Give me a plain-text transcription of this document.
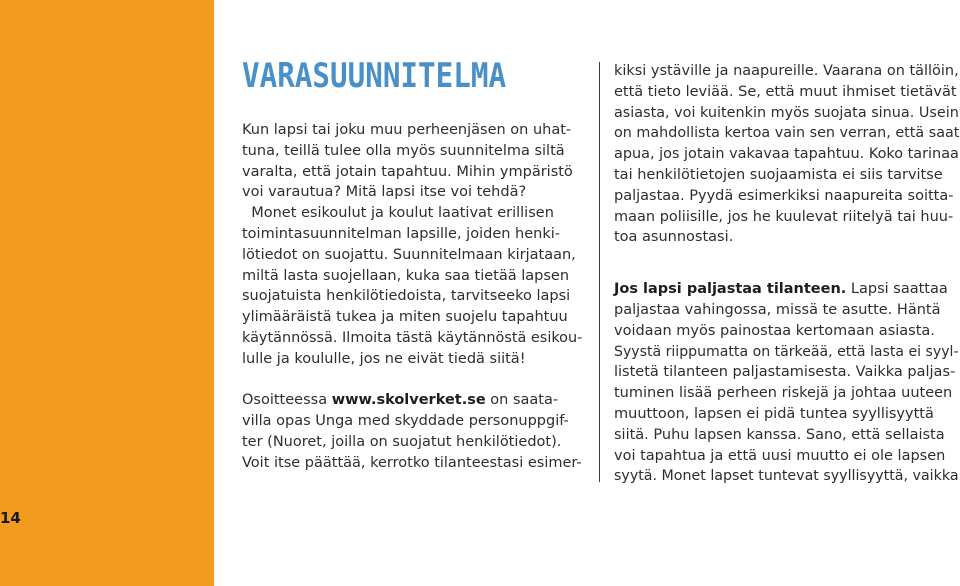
14
VARASUUNNITELMA
Kun lapsi tai joku muu perheenjäsen on uhat-
tuna, teillä tulee olla myös suunnitelma siltä
varalta, että jotain tapahtuu. Mihin ympäristö
voi varautua? Mitä lapsi itse voi tehdä?
Monet esikoulut ja koulut laativat erillisen
toimintasuunnitelman lapsille, joiden henki-
lötiedot on suojattu. Suunnitelmaan kirjataan,
miltä lasta suojellaan, kuka saa tietää lapsen
suojatuista henkilötiedoista, tarvitseeko lapsi
ylimääräistä tukea ja miten suojelu tapahtuu
käytännössä. Ilmoita tästä käytännöstä esikou-
lulle ja koululle, jos ne eivät tiedä siitä!
Osoitteessa www.skolverket.se on saata-
villa opas Unga med skyddade personuppgif-
ter (Nuoret, joilla on suojatut henkilötiedot).
Voit itse päättää, kerrotko tilanteestasi esimer-
kiksi ystäville ja naapureille. Vaarana on tällöin,
että tieto leviää. Se, että muut ihmiset tietävät
asiasta, voi kuitenkin myös suojata sinua. Usein
on mahdollista kertoa vain sen verran, että saat
apua, jos jotain vakavaa tapahtuu. Koko tarinaa
tai henkilötietojen suojaamista ei siis tarvitse
paljastaa. Pyydä esimerkiksi naapureita soitta-
maan poliisille, jos he kuulevat riitelyä tai huu-
toa asunnostasi.
Jos lapsi paljastaa tilanteen. Lapsi saattaa
paljastaa vahingossa, missä te asutte. Häntä
voidaan myös painostaa kertomaan asiasta.
Syystä riippumatta on tärkeää, että lasta ei syyl-
listetä tilanteen paljastamisesta. Vaikka paljas-
tuminen lisää perheen riskejä ja johtaa uuteen
muuttoon, lapsen ei pidä tuntea syyllisyyttä
siitä. Puhu lapsen kanssa. Sano, että sellaista
voi tapahtua ja että uusi muutto ei ole lapsen
syytä. Monet lapset tuntevat syyllisyyttä, vaikka
